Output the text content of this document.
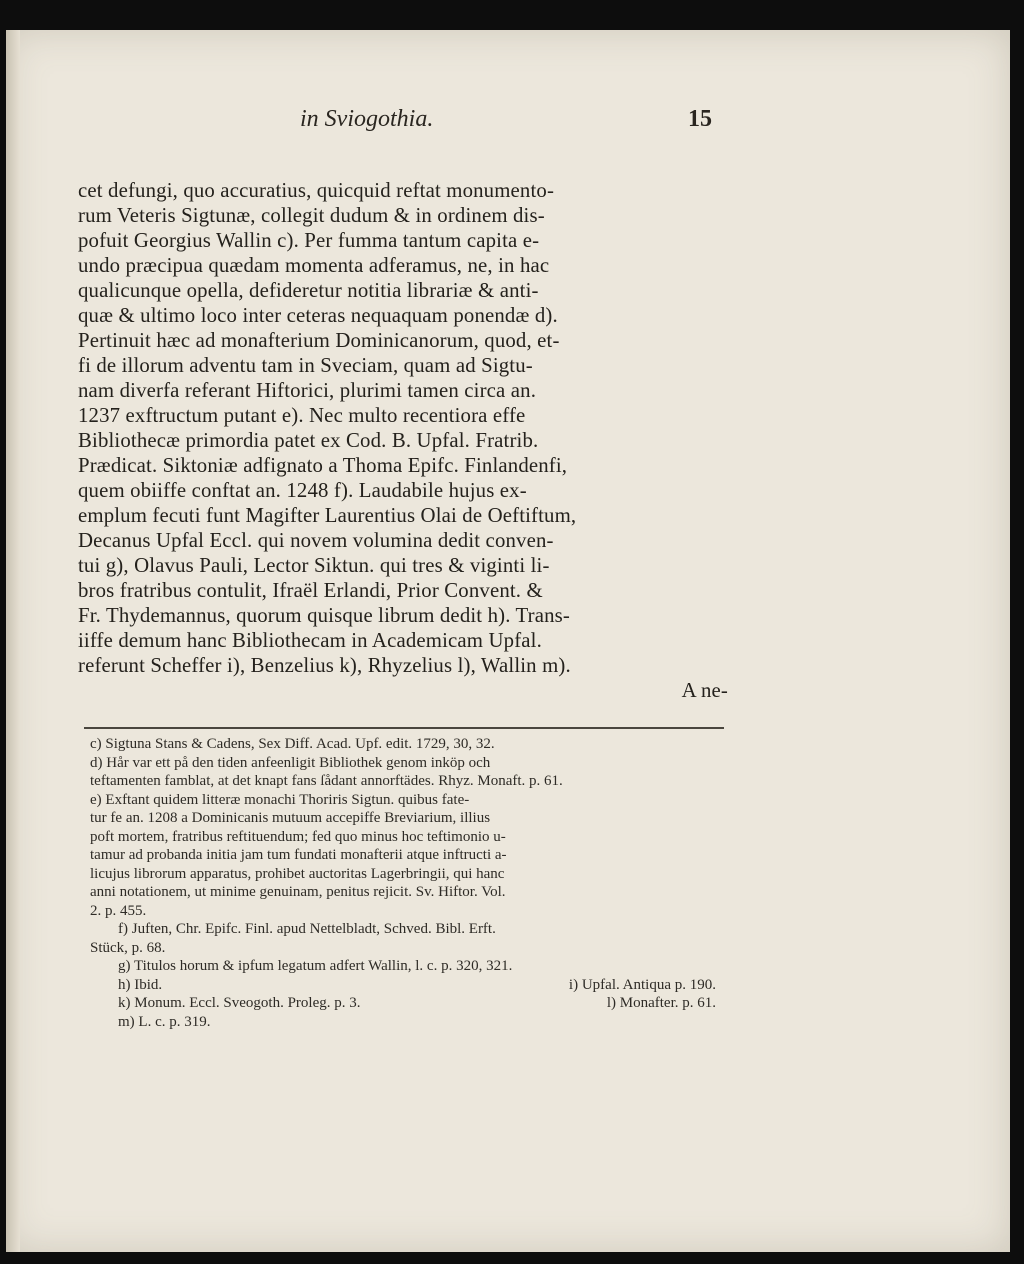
in Sviogothia.	15
cet defungi, quo accuratius, quicquid reftat monumento-
rum Veteris Sigtunæ, collegit dudum & in ordinem dis-
pofuit Georgius Wallin c). Per fumma tantum capita e-
undo præcipua quædam momenta adferamus, ne, in hac
qualicunque opella, defideretur notitia librariæ & anti-
quæ & ultimo loco inter ceteras nequaquam ponendæ d).
Pertinuit hæc ad monafterium Dominicanorum, quod, et-
fi de illorum adventu tam in Sveciam, quam ad Sigtu-
nam diverfa referant Hiftorici, plurimi tamen circa an.
1237 exftructum putant e). Nec multo recentiora effe
Bibliothecæ primordia patet ex Cod. B. Upfal. Fratrib.
Prædicat. Siktoniæ adfignato a Thoma Epifc. Finlandenfi,
quem obiiffe conftat an. 1248 f). Laudabile hujus ex-
emplum fecuti funt Magifter Laurentius Olai de Oeftiftum,
Decanus Upfal Eccl. qui novem volumina dedit conven-
tui g), Olavus Pauli, Lector Siktun. qui tres & viginti li-
bros fratribus contulit, Ifraël Erlandi, Prior Convent. &
Fr. Thydemannus, quorum quisque librum dedit h). Trans-
iiffe demum hanc Bibliothecam in Academicam Upfal.
referunt Scheffer i), Benzelius k), Rhyzelius l), Wallin m).
A ne-
c) Sigtuna Stans & Cadens, Sex Diff. Acad. Upf. edit. 1729, 30, 32.
d) Hår var ett på den tiden anfeenligit Bibliothek genom inköp och
teftamenten famblat, at det knapt fans ſådant annorftädes. Rhyz. Monaft. p. 61.
e) Exftant quidem litteræ monachi Thoriris Sigtun. quibus fate-
tur fe an. 1208 a Dominicanis mutuum accepiffe Breviarium, illius
poft mortem, fratribus reftituendum; fed quo minus hoc teftimonio u-
tamur ad probanda initia jam tum fundati monafterii atque inftructi a-
licujus librorum apparatus, prohibet auctoritas Lagerbringii, qui hanc
anni notationem, ut minime genuinam, penitus rejicit. Sv. Hiftor. Vol.
2. p. 455.
f) Juften, Chr. Epifc. Finl. apud Nettelbladt, Schved. Bibl. Erft.
Stück, p. 68.
g) Titulos horum & ipfum legatum adfert Wallin, l. c. p. 320, 321.
h) Ibid.	i) Upfal. Antiqua p. 190.
k) Monum. Eccl. Sveogoth. Proleg. p. 3.	l) Monafter. p. 61.
m) L. c. p. 319.
